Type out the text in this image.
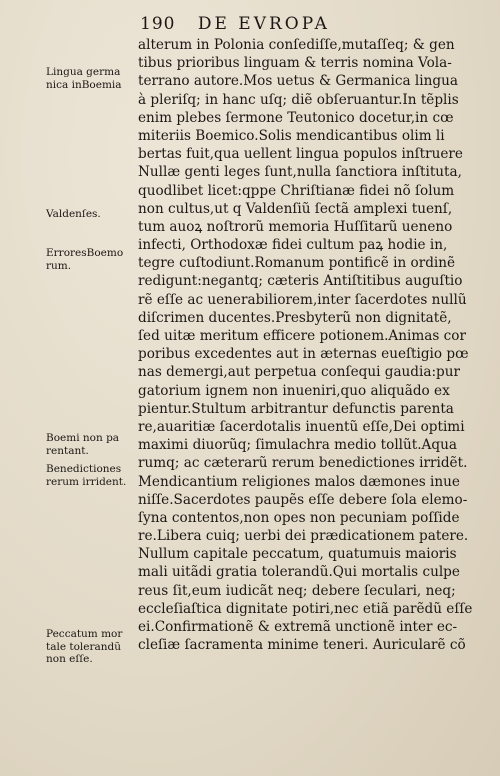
190 DE EVROPA
Lingua germa
nica inBoemia
Valdenſes.
ErroresBoemo
rum.
Boemi non pa
rentant.
Benedictiones
rerum irrident.
Peccatum mor
tale tolerandũ
non eſſe.
alterum in Polonia conſediſſe,mutaſſeq; & gen
tibus prioribus linguam & terris nomina Vola-
terrano autore.Mos uetus & Germanica lingua
à pleriſq; in hanc uſq; diẽ obſeruantur.In tẽplis
enim plebes ſermone Teutonico docetur,in cœ
miteriis Boemico.Solis mendicantibus olim li
bertas fuit,qua uellent lingua populos inſtruere
Nullæ genti leges ſunt,nulla ſanctiora inſtituta,
quodlibet licet:qppe Chriſtianæ fidei nõ ſolum
non cultus,ut q Valdenſiũ ſectã amplexi tuenſ,
tum auoꝝ noſtrorũ memoria Huſſitarũ ueneno
infecti, Orthodoxæ fidei cultum paꝝ hodie in,
tegre cuſtodiunt.Romanum pontificẽ in ordinẽ
redigunt:negantq; cæteris Antiſtitibus auguſtio
rẽ eſſe ac uenerabiliorem,inter ſacerdotes nullũ
diſcrimen ducentes.Presbyterũ non dignitatẽ,
ſed uitæ meritum efficere potionem.Animas cor
poribus excedentes aut in æternas eueſtigio pœ
nas demergi,aut perpetua conſequi gaudia:pur
gatorium ignem non inueniri,quo aliquãdo ex
pientur.Stultum arbitrantur defunctis parenta
re,auaritiæ ſacerdotalis inuentũ eſſe,Dei optimi
maximi diuorũq; ſimulachra medio tollũt.Aqua
rumq; ac cæterarũ rerum benedictiones irridẽt.
Mendicantium religiones malos dæmones inue
niſſe.Sacerdotes paupẽs eſſe debere ſola elemo-
ſyna contentos,non opes non pecuniam poſſide
re.Libera cuiq; uerbi dei prædicationem patere.
Nullum capitale peccatum, quatumuis maioris
mali uitãdi gratia tolerandũ.Qui mortalis culpe
reus ſit,eum iudicãt neq; debere ſeculari, neq;
eccleſiaſtica dignitate potiri,nec etiã parẽdũ eſſe
ei.Confirmationẽ & extremã unctionẽ inter ec-
cleſiæ ſacramenta minime teneri. Auricularẽ cõ
